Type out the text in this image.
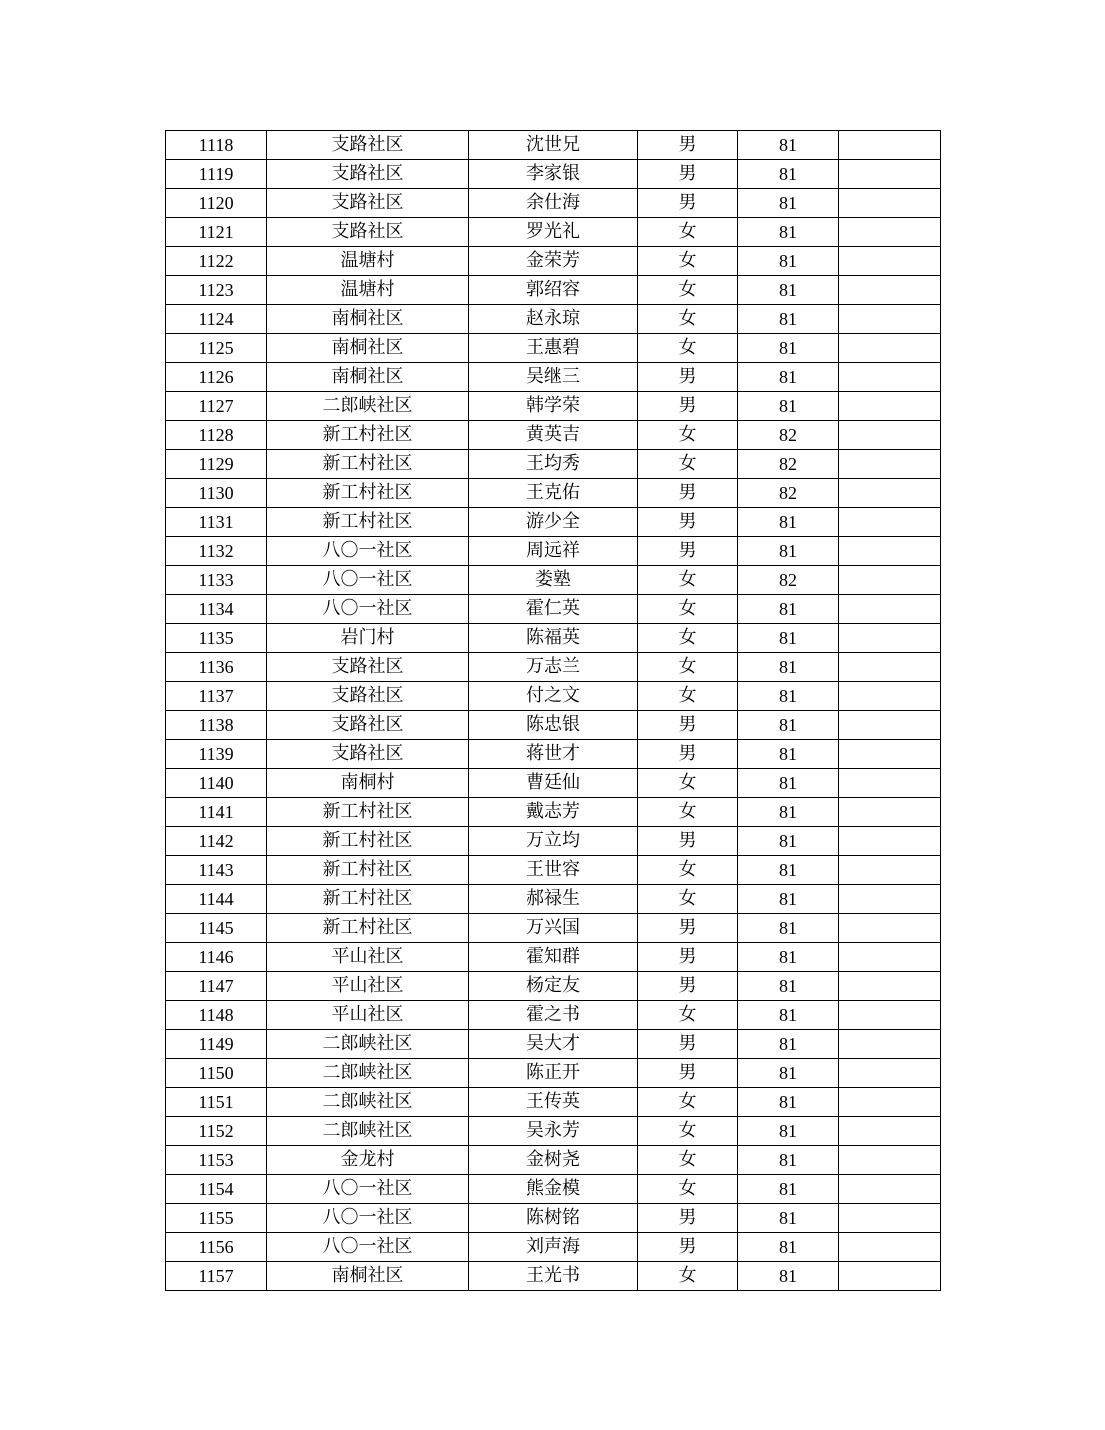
1118	支路社区	沈世兄	男	81	
1119	支路社区	李家银	男	81	
1120	支路社区	余仕海	男	81	
1121	支路社区	罗光礼	女	81	
1122	温塘村	金荣芳	女	81	
1123	温塘村	郭绍容	女	81	
1124	南桐社区	赵永琼	女	81	
1125	南桐社区	王惠碧	女	81	
1126	南桐社区	吴继三	男	81	
1127	二郎峡社区	韩学荣	男	81	
1128	新工村社区	黄英吉	女	82	
1129	新工村社区	王均秀	女	82	
1130	新工村社区	王克佑	男	82	
1131	新工村社区	游少全	男	81	
1132	八〇一社区	周远祥	男	81	
1133	八〇一社区	娄塾	女	82	
1134	八〇一社区	霍仁英	女	81	
1135	岩门村	陈福英	女	81	
1136	支路社区	万志兰	女	81	
1137	支路社区	付之文	女	81	
1138	支路社区	陈忠银	男	81	
1139	支路社区	蒋世才	男	81	
1140	南桐村	曹廷仙	女	81	
1141	新工村社区	戴志芳	女	81	
1142	新工村社区	万立均	男	81	
1143	新工村社区	王世容	女	81	
1144	新工村社区	郝禄生	女	81	
1145	新工村社区	万兴国	男	81	
1146	平山社区	霍知群	男	81	
1147	平山社区	杨定友	男	81	
1148	平山社区	霍之书	女	81	
1149	二郎峡社区	吴大才	男	81	
1150	二郎峡社区	陈正开	男	81	
1151	二郎峡社区	王传英	女	81	
1152	二郎峡社区	吴永芳	女	81	
1153	金龙村	金树尧	女	81	
1154	八〇一社区	熊金模	女	81	
1155	八〇一社区	陈树铭	男	81	
1156	八〇一社区	刘声海	男	81	
1157	南桐社区	王光书	女	81	
